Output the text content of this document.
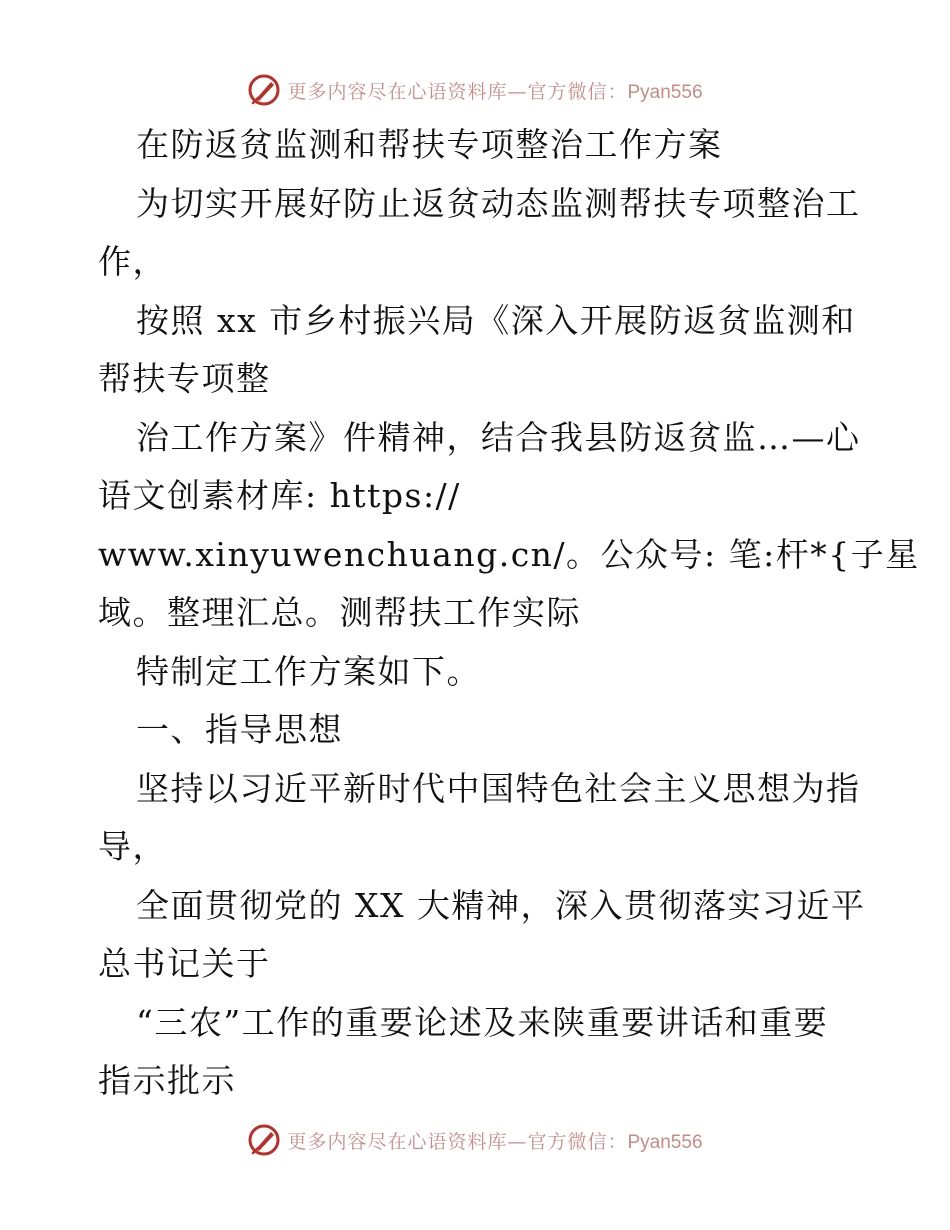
更多内容尽在心语资料库—官方微信：Pyan556
在防返贫监测和帮扶专项整治工作方案
为切实开展好防止返贫动态监测帮扶专项整治工
作，
按照 xx 市乡村振兴局《深入开展防返贫监测和
帮扶专项整
治工作方案》件精神，结合我县防返贫监…—心
语文创素材库: https://
www.xinyuwenchuang.cn/。公众号: 笔:杆*{子星
域。整理汇总。测帮扶工作实际
特制定工作方案如下。
一、指导思想
坚持以习近平新时代中国特色社会主义思想为指
导，
全面贯彻党的 XX 大精神，深入贯彻落实习近平
总书记关于
“三农”工作的重要论述及来陕重要讲话和重要
指示批示
更多内容尽在心语资料库—官方微信：Pyan556
